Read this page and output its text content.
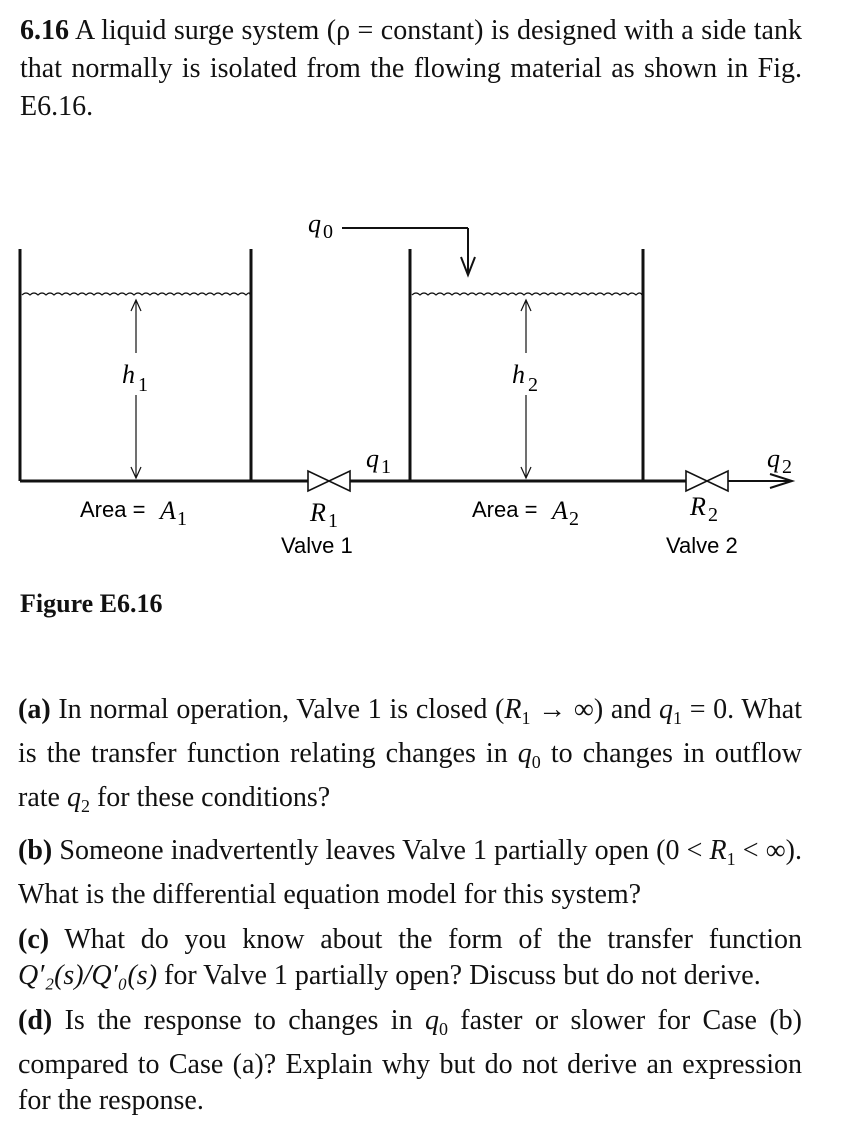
6.16 A liquid surge system (ρ = constant) is designed with a side tank that normally is isolated from the flowing material as shown in Fig. E6.16.
q 0
h 1	h 2
q 1	q 2
Area = A 1	Area = A 2
R 1
Valve 1
R 2
Valve 2
Figure E6.16
(a) In normal operation, Valve 1 is closed ($R_1$ → ∞) and $q_1 = 0$. What is the transfer function relating changes in $q_0$ to changes in outflow rate $q_2$ for these conditions?
(b) Someone inadvertently leaves Valve 1 partially open ($0 < R_1$ < ∞). What is the differential equation model for this system?
(c) What do you know about the form of the transfer function Q′₂(s)/Q′₀(s) for Valve 1 partially open? Discuss but do not derive.
(d) Is the response to changes in $q_0$ faster or slower for Case (b) compared to Case (a)? Explain why but do not derive an expression for the response.
